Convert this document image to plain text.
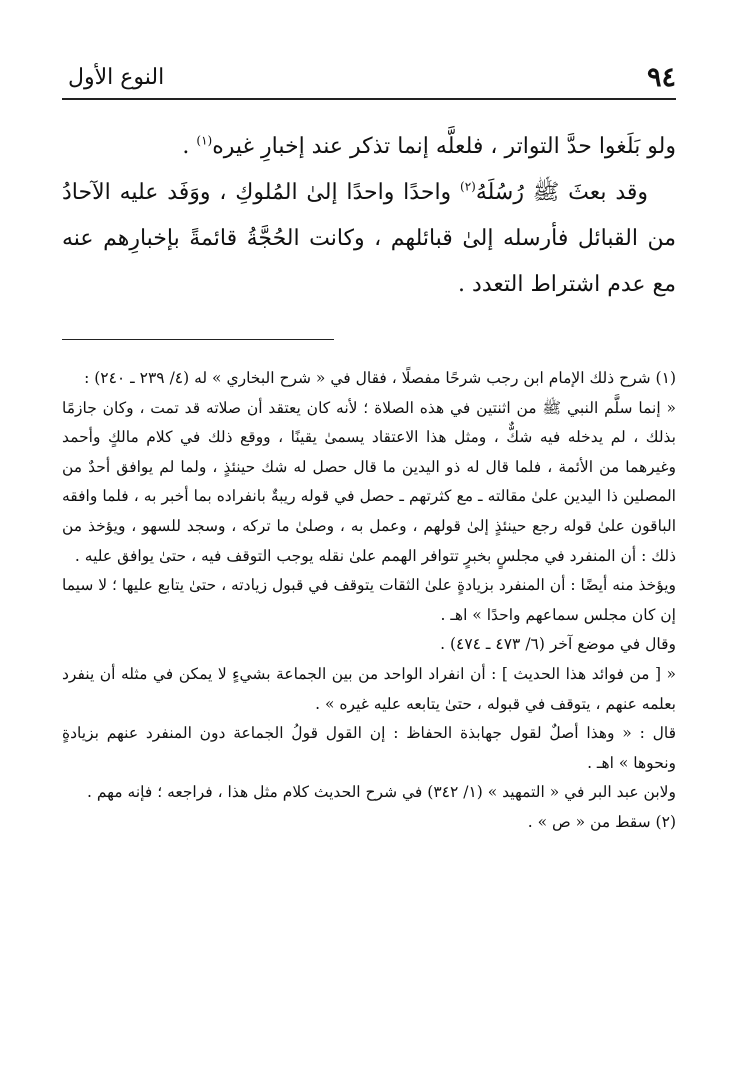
٩٤
النوع الأول

ولو بَلَغوا حدَّ التواتر ، فلعلَّه إنما تذكر عند إخبارِ غيره$^{(١)}$ .

وقد بعثَ ﷺ رُسُلَهُ$^{(٢)}$ واحدًا واحدًا إلىٰ المُلوكِ ، ووَفَد عليه الآحادُ من القبائل فأرسله إلىٰ قبائلهم ، وكانت الحُجَّةُ قائمةً بإخبارِهم عنه مع عدم اشتراط التعدد .

(١) شرح ذلك الإمام ابن رجب شرحًا مفصلًا ، فقال في « شرح البخاري » له (٤/ ٢٣٩ ـ ٢٤٠) :

« إنما سلَّم النبي ﷺ من اثنتين في هذه الصلاة ؛ لأنه كان يعتقد أن صلاته قد تمت ، وكان جازمًا بذلك ، لم يدخله فيه شكٌّ ، ومثل هذا الاعتقاد يسمىٰ يقينًا ، ووقع ذلك في كلام مالكٍ وأحمد وغيرهما من الأئمة ، فلما قال له ذو اليدين ما قال حصل له شك حينئذٍ ، ولما لم يوافق أحدٌ من المصلين ذا اليدين علىٰ مقالته ـ مع كثرتهم ـ حصل في قوله ريبةٌ بانفراده بما أخبر به ، فلما وافقه الباقون علىٰ قوله رجع حينئذٍ إلىٰ قولهم ، وعمل به ، وصلىٰ ما تركه ، وسجد للسهو ، ويؤخذ من ذلك : أن المنفرد في مجلسٍ بخبرٍ تتوافر الهمم علىٰ نقله يوجب التوقف فيه ، حتىٰ يوافق عليه .

ويؤخذ منه أيضًا : أن المنفرد بزيادةٍ علىٰ الثقات يتوقف في قبول زيادته ، حتىٰ يتابع عليها ؛ لا سيما إن كان مجلس سماعهم واحدًا » اهـ .

وقال في موضع آخر (٦/ ٤٧٣ ـ ٤٧٤) .

« [ من فوائد هذا الحديث ] : أن انفراد الواحد من بين الجماعة بشيءٍ لا يمكن في مثله أن ينفرد بعلمه عنهم ، يتوقف في قبوله ، حتىٰ يتابعه عليه غيره » .

قال : « وهذا أصلٌ لقول جهابذة الحفاظ : إن القول قولُ الجماعة دون المنفرد عنهم بزيادةٍ ونحوها » اهـ .

ولابن عبد البر في « التمهيد » (١/ ٣٤٢) في شرح الحديث كلام مثل هذا ، فراجعه ؛ فإنه مهم .

(٢) سقط من « ص » .
